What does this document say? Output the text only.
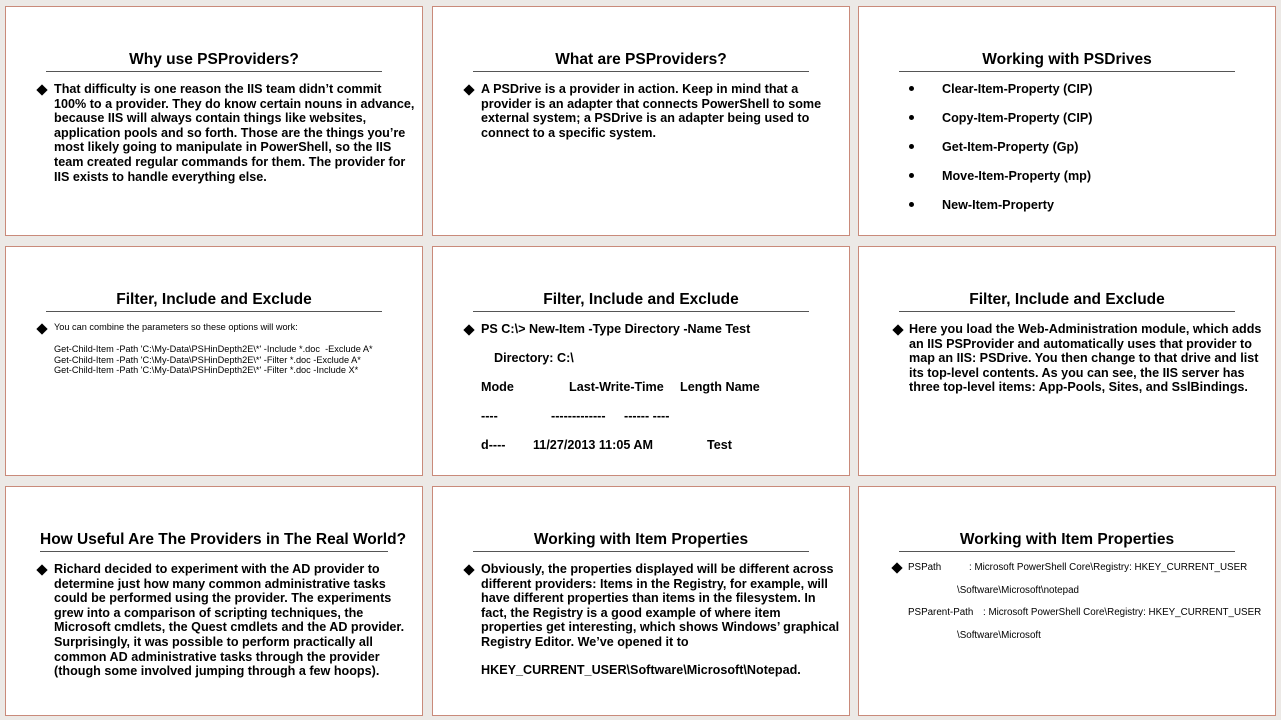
Why use PSProviders?
That difficulty is one reason the IIS team didn’t commit 100% to a provider. They do know certain nouns in advance, because IIS will always contain things like websites, application pools and so forth. Those are the things you’re most likely going to manipulate in PowerShell, so the IIS team created regular commands for them. The provider for IIS exists to handle everything else.
What are PSProviders?
A PSDrive is a provider in action. Keep in mind that a provider is an adapter that connects PowerShell to some external system; a PSDrive is an adapter being used to connect to a specific system.
Working with PSDrives
Clear-Item-Property (CIP)
Copy-Item-Property (CIP)
Get-Item-Property (Gp)
Move-Item-Property (mp)
New-Item-Property
Filter, Include and Exclude
You can combine the parameters so these options will work:
Get-Child-Item -Path 'C:\My-Data\PSHinDepth2E\*' -Include *.doc  -Exclude A*
Get-Child-Item -Path 'C:\My-Data\PSHinDepth2E\*' -Filter *.doc -Exclude A*
Get-Child-Item -Path 'C:\My-Data\PSHinDepth2E\*' -Filter *.doc -Include X*
Filter, Include and Exclude
PS C:\> New-Item -Type Directory -Name Test
Directory: C:\
Mode	Last-Write-Time Length Name
----	------------- ------ ----
d---- 11/27/2013 11:05 AM	Test
Filter, Include and Exclude
Here you load the Web-Administration module, which adds an IIS PSProvider and automatically uses that provider to map an IIS: PSDrive. You then change to that drive and list its top-level contents. As you can see, the IIS server has three top-level items: App-Pools, Sites, and SslBindings.
How Useful Are The Providers in The Real World?
Richard decided to experiment with the AD provider to determine just how many common administrative tasks could be performed using the provider. The experiments grew into a comparison of scripting techniques, the Microsoft cmdlets, the Quest cmdlets and the AD provider. Surprisingly, it was possible to perform practically all common AD administrative tasks through the provider (though some involved jumping through a few hoops).
Working with Item Properties
Obviously, the properties displayed will be different across different providers: Items in the Registry, for example, will have different properties than items in the filesystem. In fact, the Registry is a good example of where item properties get interesting, which shows Windows’ graphical Registry Editor. We’ve opened it to
HKEY_CURRENT_USER\Software\Microsoft\Notepad.
Working with Item Properties
PSPath	: Microsoft PowerShell Core\Registry: HKEY_CURRENT_USER
\Software\Microsoft\notepad
PSParent-Path : Microsoft PowerShell Core\Registry: HKEY_CURRENT_USER
\Software\Microsoft
